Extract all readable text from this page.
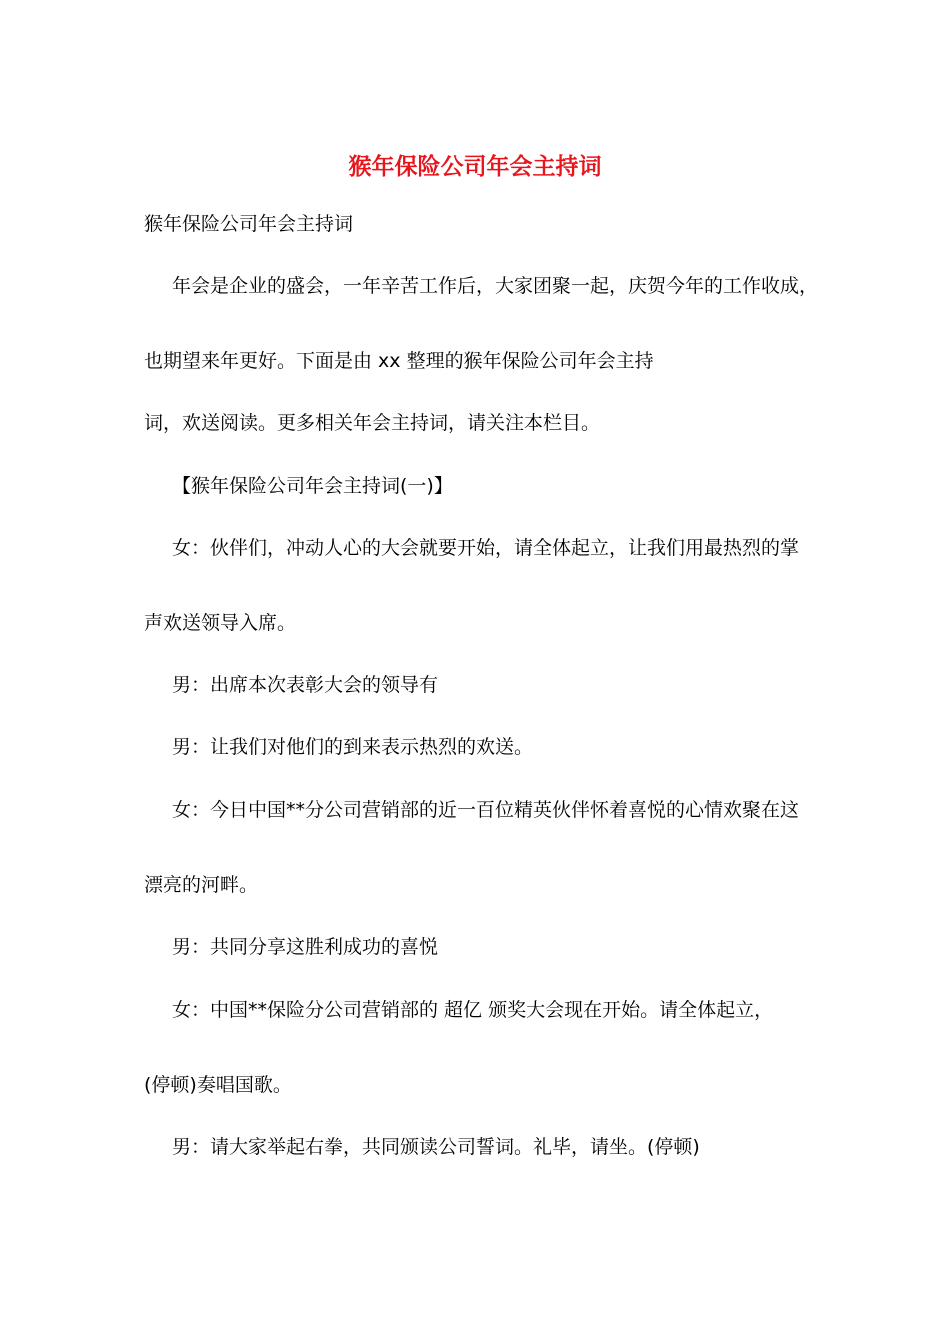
猴年保险公司年会主持词
猴年保险公司年会主持词
年会是企业的盛会，一年辛苦工作后，大家团聚一起，庆贺今年的工作收成，
也期望来年更好。下面是由 xx 整理的猴年保险公司年会主持
词，欢送阅读。更多相关年会主持词，请关注本栏目。
【猴年保险公司年会主持词(一)】
女：伙伴们，冲动人心的大会就要开始，请全体起立，让我们用最热烈的掌
声欢送领导入席。
男：出席本次表彰大会的领导有
男：让我们对他们的到来表示热烈的欢送。
女：今日中国**分公司营销部的近一百位精英伙伴怀着喜悦的心情欢聚在这
漂亮的河畔。
男：共同分享这胜利成功的喜悦
女：中国**保险分公司营销部的 超亿 颁奖大会现在开始。请全体起立，
(停顿)奏唱国歌。
男：请大家举起右拳，共同颁读公司誓词。礼毕，请坐。(停顿)
